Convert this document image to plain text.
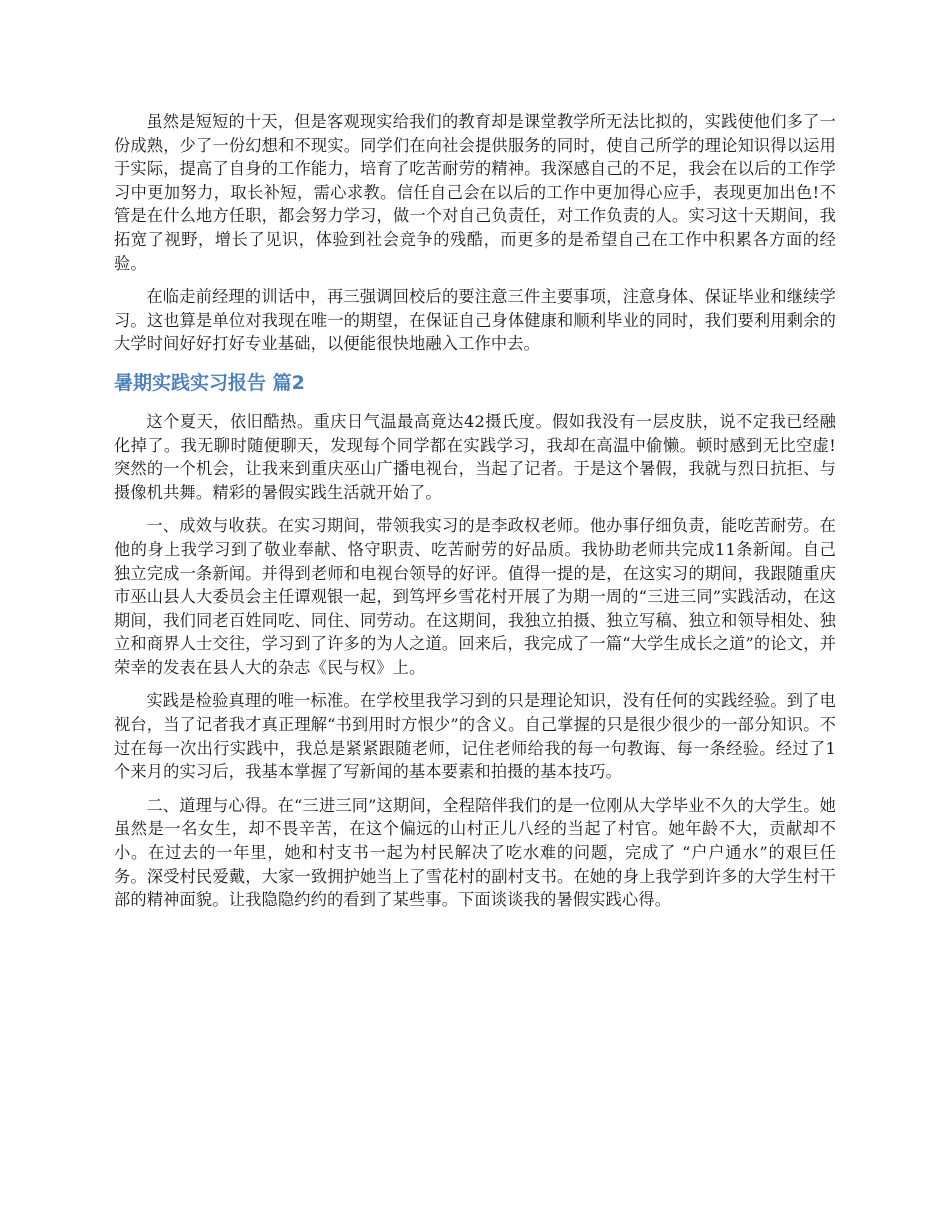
虽然是短短的十天，但是客观现实给我们的教育却是课堂教学所无法比拟的，实践使他们多了一份成熟，少了一份幻想和不现实。同学们在向社会提供服务的同时，使自己所学的理论知识得以运用于实际，提高了自身的工作能力，培育了吃苦耐劳的精神。我深感自己的不足，我会在以后的工作学习中更加努力，取长补短，需心求教。信任自己会在以后的工作中更加得心应手，表现更加出色!不管是在什么地方任职，都会努力学习，做一个对自己负责任，对工作负责的人。实习这十天期间，我拓宽了视野，增长了见识，体验到社会竞争的残酷，而更多的是希望自己在工作中积累各方面的经验。

在临走前经理的训话中，再三强调回校后的要注意三件主要事项，注意身体、保证毕业和继续学习。这也算是单位对我现在唯一的期望，在保证自己身体健康和顺利毕业的同时，我们要利用剩余的大学时间好好打好专业基础，以便能很快地融入工作中去。

暑期实践实习报告 篇2

这个夏天，依旧酷热。重庆日气温最高竟达42摄氏度。假如我没有一层皮肤，说不定我已经融化掉了。我无聊时随便聊天，发现每个同学都在实践学习，我却在高温中偷懒。顿时感到无比空虚!突然的一个机会，让我来到重庆巫山广播电视台，当起了记者。于是这个暑假，我就与烈日抗拒、与摄像机共舞。精彩的暑假实践生活就开始了。

一、成效与收获。在实习期间，带领我实习的是李政权老师。他办事仔细负责，能吃苦耐劳。在他的身上我学习到了敬业奉献、恪守职责、吃苦耐劳的好品质。我协助老师共完成11条新闻。自己独立完成一条新闻。并得到老师和电视台领导的好评。值得一提的是，在这实习的期间，我跟随重庆市巫山县人大委员会主任谭观银一起，到笃坪乡雪花村开展了为期一周的“三进三同”实践活动，在这期间，我们同老百姓同吃、同住、同劳动。在这期间，我独立拍摄、独立写稿、独立和领导相处、独立和商界人士交往，学习到了许多的为人之道。回来后，我完成了一篇“大学生成长之道”的论文，并荣幸的发表在县人大的杂志《民与权》上。

实践是检验真理的唯一标准。在学校里我学习到的只是理论知识，没有任何的实践经验。到了电视台，当了记者我才真正理解“书到用时方恨少”的含义。自己掌握的只是很少很少的一部分知识。不过在每一次出行实践中，我总是紧紧跟随老师，记住老师给我的每一句教诲、每一条经验。经过了1个来月的实习后，我基本掌握了写新闻的基本要素和拍摄的基本技巧。

二、道理与心得。在“三进三同”这期间，全程陪伴我们的是一位刚从大学毕业不久的大学生。她虽然是一名女生，却不畏辛苦，在这个偏远的山村正儿八经的当起了村官。她年龄不大，贡献却不小。在过去的一年里，她和村支书一起为村民解决了吃水难的问题，完成了 “户户通水”的艰巨任务。深受村民爱戴，大家一致拥护她当上了雪花村的副村支书。在她的身上我学到许多的大学生村干部的精神面貌。让我隐隐约约的看到了某些事。下面谈谈我的暑假实践心得。
